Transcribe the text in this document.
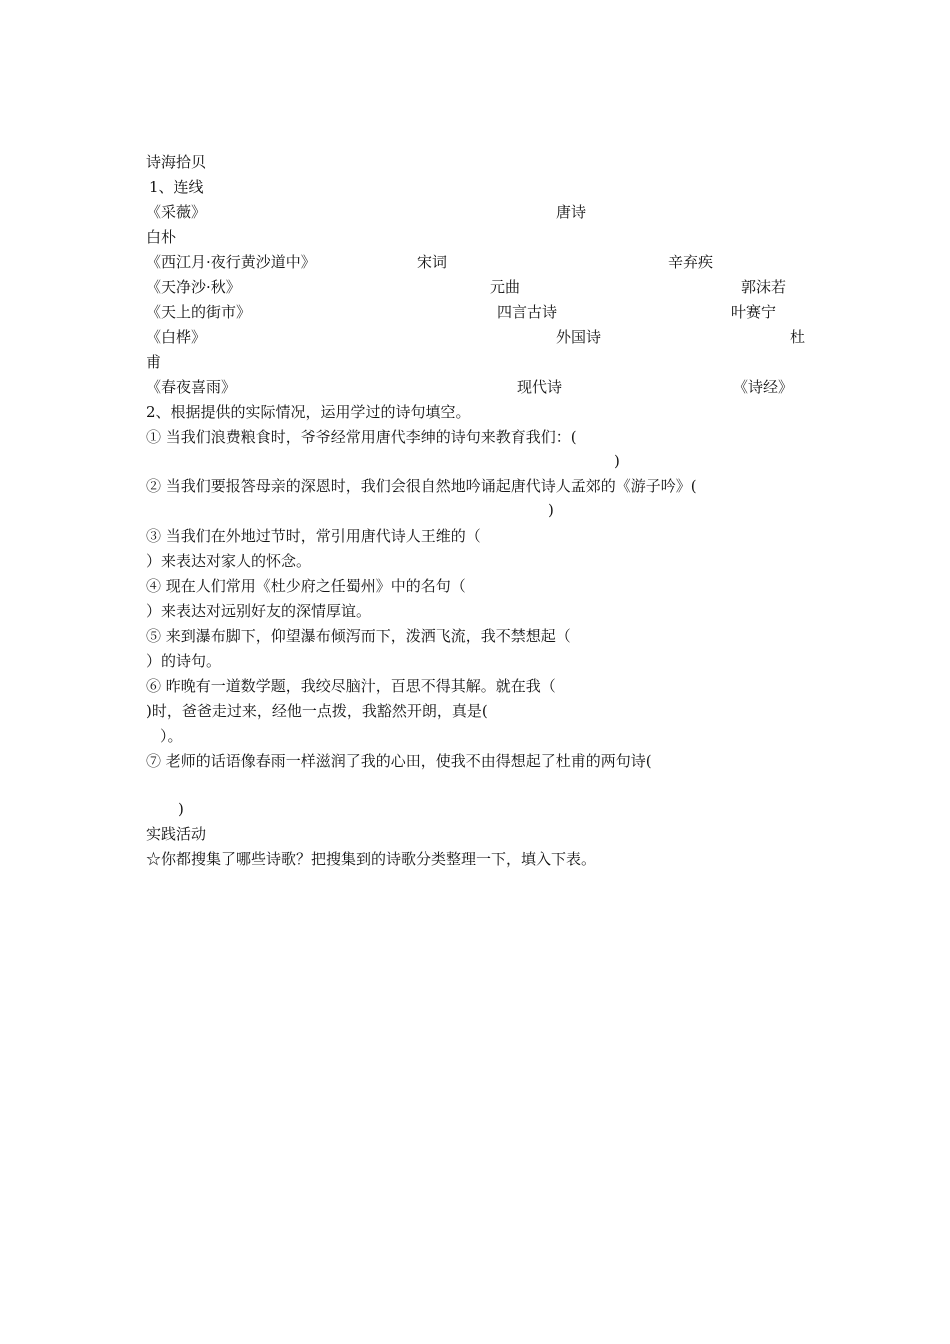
诗海拾贝
1、连线
《采薇》	唐诗
白朴
《西江月·夜行黄沙道中》	宋词	辛弃疾
《天净沙·秋》	元曲	郭沫若
《天上的街市》	四言古诗	叶赛宁
《白桦》	外国诗	杜
甫
《春夜喜雨》	现代诗	《诗经》
2、根据提供的实际情况，运用学过的诗句填空。
① 当我们浪费粮食时，爷爷经常用唐代李绅的诗句来教育我们：(
)
② 当我们要报答母亲的深恩时，我们会很自然地吟诵起唐代诗人孟郊的《游子吟》(
)
③ 当我们在外地过节时，常引用唐代诗人王维的（
）来表达对家人的怀念。
④ 现在人们常用《杜少府之任蜀州》中的名句（
）来表达对远别好友的深情厚谊。
⑤ 来到瀑布脚下，仰望瀑布倾泻而下，泼洒飞流，我不禁想起（
）的诗句。
⑥ 昨晚有一道数学题，我绞尽脑汁，百思不得其解。就在我（
)时，爸爸走过来，经他一点拨，我豁然开朗，真是(
）。
⑦ 老师的话语像春雨一样滋润了我的心田，使我不由得想起了杜甫的两句诗(
)
实践活动
☆你都搜集了哪些诗歌？把搜集到的诗歌分类整理一下，填入下表。
